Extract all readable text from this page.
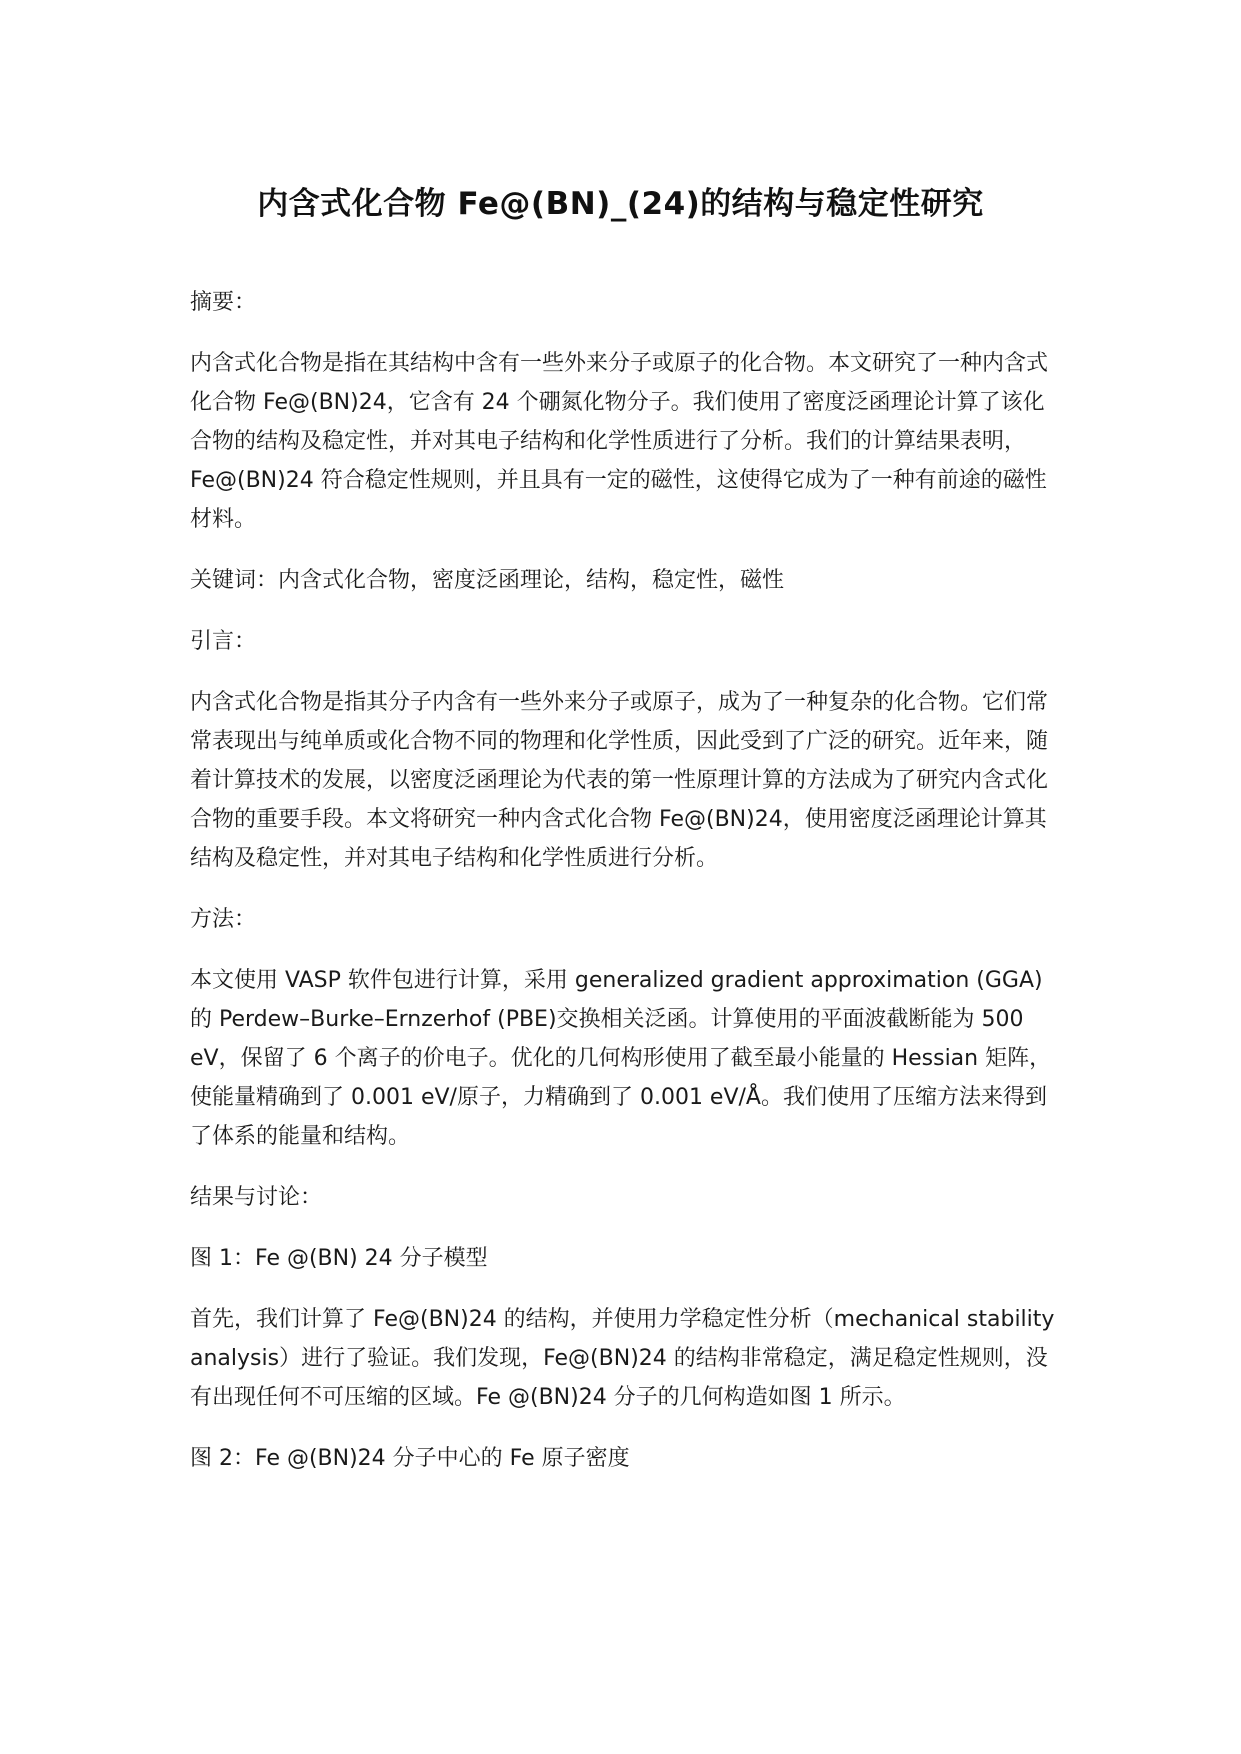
内含式化合物 Fe@(BN)_(24)的结构与稳定性研究

摘要：

内含式化合物是指在其结构中含有一些外来分子或原子的化合物。本文研究了一种内含式化合物 Fe@(BN)24，它含有 24 个硼氮化物分子。我们使用了密度泛函理论计算了该化合物的结构及稳定性，并对其电子结构和化学性质进行了分析。我们的计算结果表明，Fe@(BN)24 符合稳定性规则，并且具有一定的磁性，这使得它成为了一种有前途的磁性材料。

关键词：内含式化合物，密度泛函理论，结构，稳定性，磁性

引言：

内含式化合物是指其分子内含有一些外来分子或原子，成为了一种复杂的化合物。它们常常表现出与纯单质或化合物不同的物理和化学性质，因此受到了广泛的研究。近年来，随着计算技术的发展，以密度泛函理论为代表的第一性原理计算的方法成为了研究内含式化合物的重要手段。本文将研究一种内含式化合物 Fe@(BN)24，使用密度泛函理论计算其结构及稳定性，并对其电子结构和化学性质进行分析。

方法：

本文使用 VASP 软件包进行计算，采用 generalized gradient approximation (GGA)的 Perdew–Burke–Ernzerhof (PBE)交换相关泛函。计算使用的平面波截断能为 500 eV，保留了 6 个离子的价电子。优化的几何构形使用了截至最小能量的 Hessian 矩阵，使能量精确到了 0.001 eV/原子，力精确到了 0.001 eV/Å。我们使用了压缩方法来得到了体系的能量和结构。

结果与讨论：

图 1：Fe @(BN) 24 分子模型

首先，我们计算了 Fe@(BN)24 的结构，并使用力学稳定性分析（mechanical stability analysis）进行了验证。我们发现，Fe@(BN)24 的结构非常稳定，满足稳定性规则，没有出现任何不可压缩的区域。Fe @(BN)24 分子的几何构造如图 1 所示。

图 2：Fe @(BN)24 分子中心的 Fe 原子密度
